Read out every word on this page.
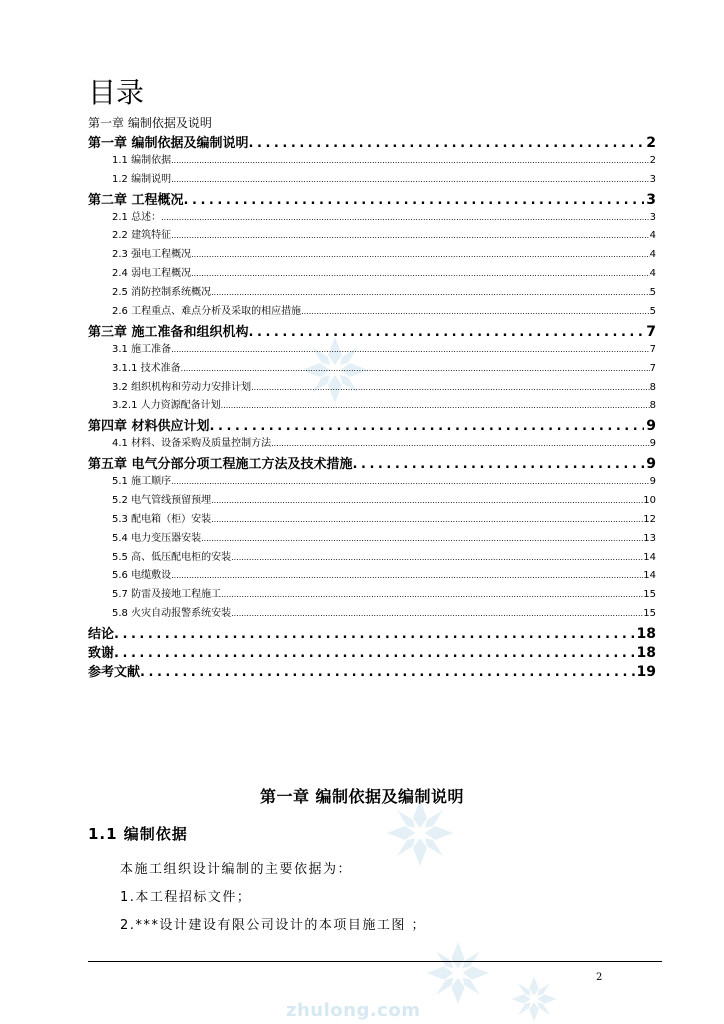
目录
第一章 编制依据及说明
第一章 编制依据及编制说明 . . .	2
1.1 编制依据 .....	2
1.2 编制说明 .....	3
第二章 工程概况 . . .	3
2.1 总述： .....	3
2.2 建筑特征 .....	4
2.3 强电工程概况 .....	4
2.4 弱电工程概况 .....	4
2.5 消防控制系统概况 .....	5
2.6 工程重点、难点分析及采取的相应措施 .....	5
第三章 施工准备和组织机构 . . .	7
3.1 施工准备 .....	7
3.1.1 技术准备 .....	7
3.2 组织机构和劳动力安排计划 .....	8
3.2.1 人力资源配备计划 .....	8
第四章 材料供应计划 . . .	9
4.1 材料、设备采购及质量控制方法 .....	9
第五章 电气分部分项工程施工方法及技术措施 . . .	9
5.1 施工顺序 .....	9
5.2 电气管线预留预埋 .....	10
5.3 配电箱（柜）安装 .....	12
5.4 电力变压器安装 .....	13
5.5 高、低压配电柜的安装 .....	14
5.6 电缆敷设 .....	14
5.7 防雷及接地工程施工 .....	15
5.8 火灾自动报警系统安装 .....	15
结论 . . .	18
致谢 . . .	18
参考文献 . . .	19
第一章 编制依据及编制说明
1.1 编制依据
本施工组织设计编制的主要依据为：
1.本工程招标文件；
2.***设计建设有限公司设计的本项目施工图 ；
2
zhulong.com
